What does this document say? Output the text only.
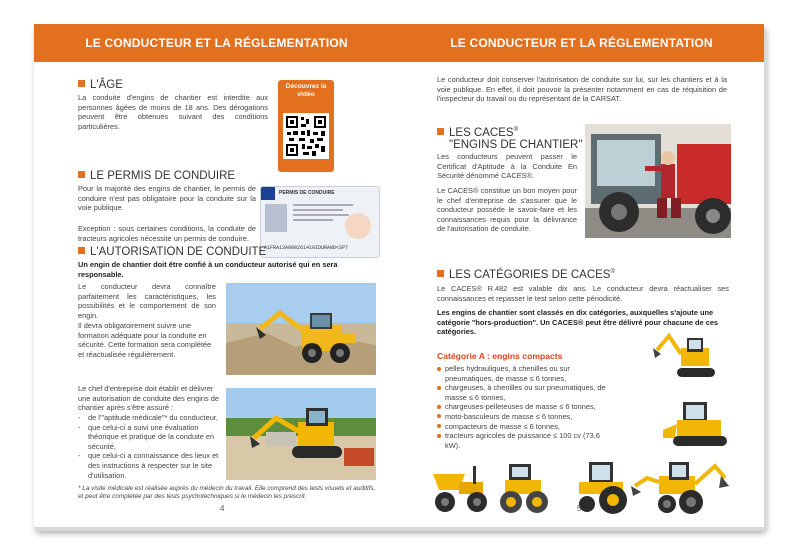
LE CONDUCTEUR ET LA RÉGLEMENTATION
L'ÂGE
La conduite d'engins de chantier est interdite aux personnes âgées de moins de 18 ans. Des dérogations peuvent être obtenues suivant des conditions particulières.
Découvrez la vidéo
LE PERMIS DE CONDUIRE
Pour la majorité des engins de chantier, le permis de conduire n'est pas obligatoire pour la conduite sur la voie publique.
Exception : sous certaines conditions, la conduite de tracteurs agricoles nécessite un permis de conduire.
PERMIS DE CONDUIRE
A1FRA13A000261410IDURAND<SP7
L'AUTORISATION DE CONDUITE
Un engin de chantier doit être confié à un conducteur autorisé qui en sera responsable.
Le conducteur devra connaître parfaitement les caractéristiques, les possibilités et le comportement de son engin.
Il devra obligatoirement suivre une formation adéquate pour la conduite en sécurité. Cette formation sera complétée et réactualisée régulièrement.
Le chef d'entreprise doit établir et délivrer une autorisation de conduite des engins de chantier après s'être assuré :
- de l'"aptitude médicale"* du conducteur,
- que celui-ci a suivi une évaluation théorique et pratique de la conduite en sécurité,
- que celui-ci a connaissance des lieux et des instructions à respecter sur le site d'utilisation.
* La visite médicale est réalisée auprès du médecin du travail. Elle comprend des tests visuels et auditifs, et peut être complétée par des tests psychotechniques si le médecin les prescrit.
4
LE CONDUCTEUR ET LA RÉGLEMENTATION
Le conducteur doit conserver l'autorisation de conduite sur lui, sur les chantiers et à la voie publique. En effet, il doit pouvoir la présenter notamment en cas de réquisition de l'inspecteur du travail ou du représentant de la CARSAT.
LES CACES®
"ENGINS DE CHANTIER"
Les conducteurs peuvent passer le Certificat d'Aptitude à la Conduite En Sécurité dénommé CACES®.
Le CACES® constitue un bon moyen pour le chef d'entreprise de s'assurer que le conducteur possède le savoir-faire et les connaissances requis pour la délivrance de l'autorisation de conduite.
LES CATÉGORIES DE CACES®
Le CACES® R.482 est valable dix ans. Le conducteur devra réactualiser ses connaissances et repasser le test selon cette périodicité.
Les engins de chantier sont classés en dix catégories, auxquelles s'ajoute une catégorie "hors-production". Un CACES® peut être délivré pour chacune de ces catégories.
Catégorie A : engins compacts
pelles hydrauliques, à chenilles ou sur pneumatiques, de masse ≤ 6 tonnes,
chargeuses, à chenilles ou sur pneumatiques, de masse ≤ 6 tonnes,
chargeuses-pelleteuses de masse ≤ 6 tonnes,
moto-basculeurs de masse ≤ 6 tonnes,
compacteurs de masse ≤ 6 tonnes,
tracteurs agricoles de puissance ≤ 100 cv (73,6 kW).
5
